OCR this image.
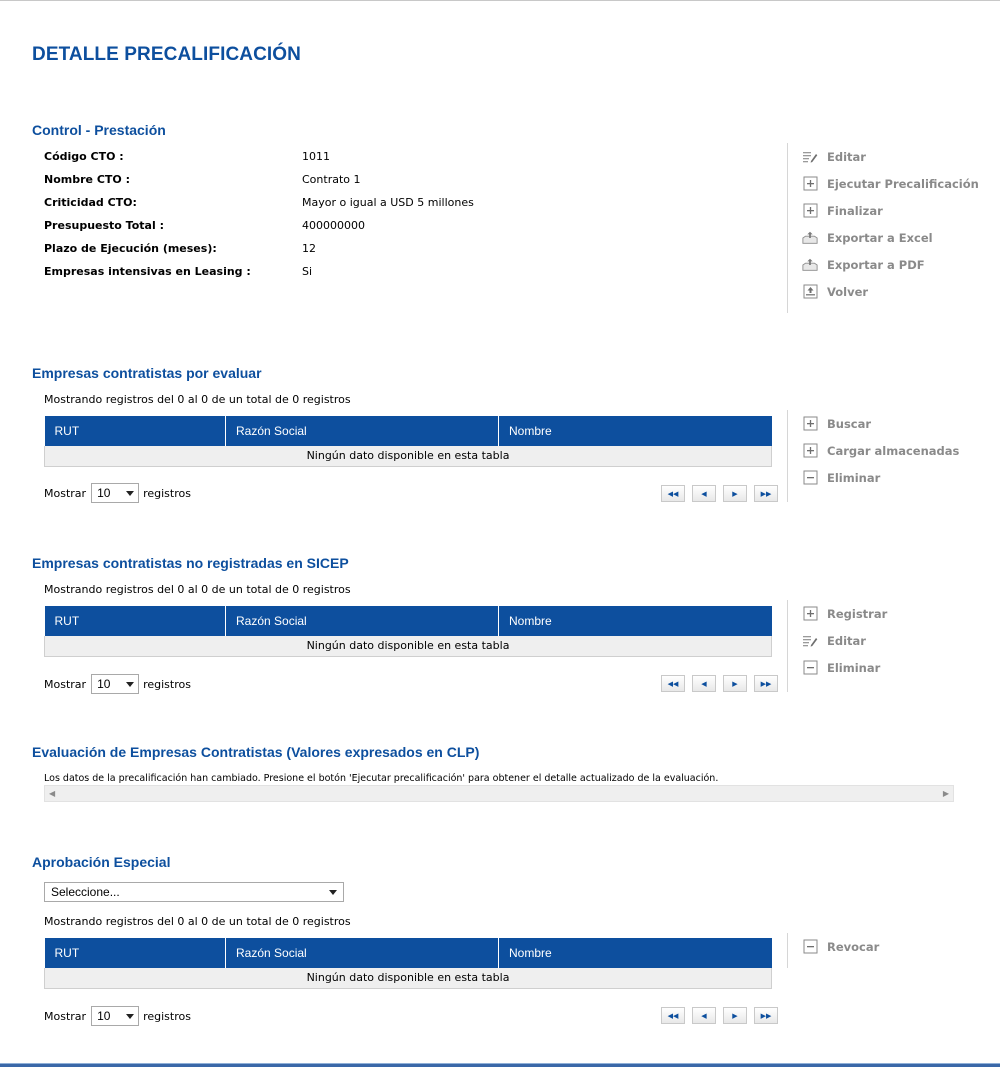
DETALLE PRECALIFICACIÓN
Control - Prestación
Código CTO :	1011
Nombre CTO :	Contrato 1
Criticidad CTO:	Mayor o igual a USD 5 millones
Presupuesto Total :	400000000
Plazo de Ejecución (meses):	12
Empresas intensivas en Leasing :	Si
Editar
Ejecutar Precalificación
Finalizar
Exportar a Excel
Exportar a PDF
Volver
Empresas contratistas por evaluar
Mostrando registros del 0 al 0 de un total de 0 registros
RUT	Razón Social	Nombre
Ningún dato disponible en esta tabla
Mostrar 10	registros	◀◀	◀	▶	▶▶
Buscar
Cargar almacenadas
Eliminar
Empresas contratistas no registradas en SICEP
Mostrando registros del 0 al 0 de un total de 0 registros
RUT	Razón Social	Nombre
Ningún dato disponible en esta tabla
Mostrar 10	registros	◀◀	◀	▶	▶▶
Registrar
Editar
Eliminar
Evaluación de Empresas Contratistas (Valores expresados en CLP)
Los datos de la precalificación han cambiado. Presione el botón 'Ejecutar precalificación' para obtener el detalle actualizado de la evaluación.
◀	▶
Aprobación Especial
Seleccione...
Mostrando registros del 0 al 0 de un total de 0 registros
RUT	Razón Social	Nombre
Ningún dato disponible en esta tabla
Mostrar 10	registros	◀◀	◀	▶	▶▶
Revocar
